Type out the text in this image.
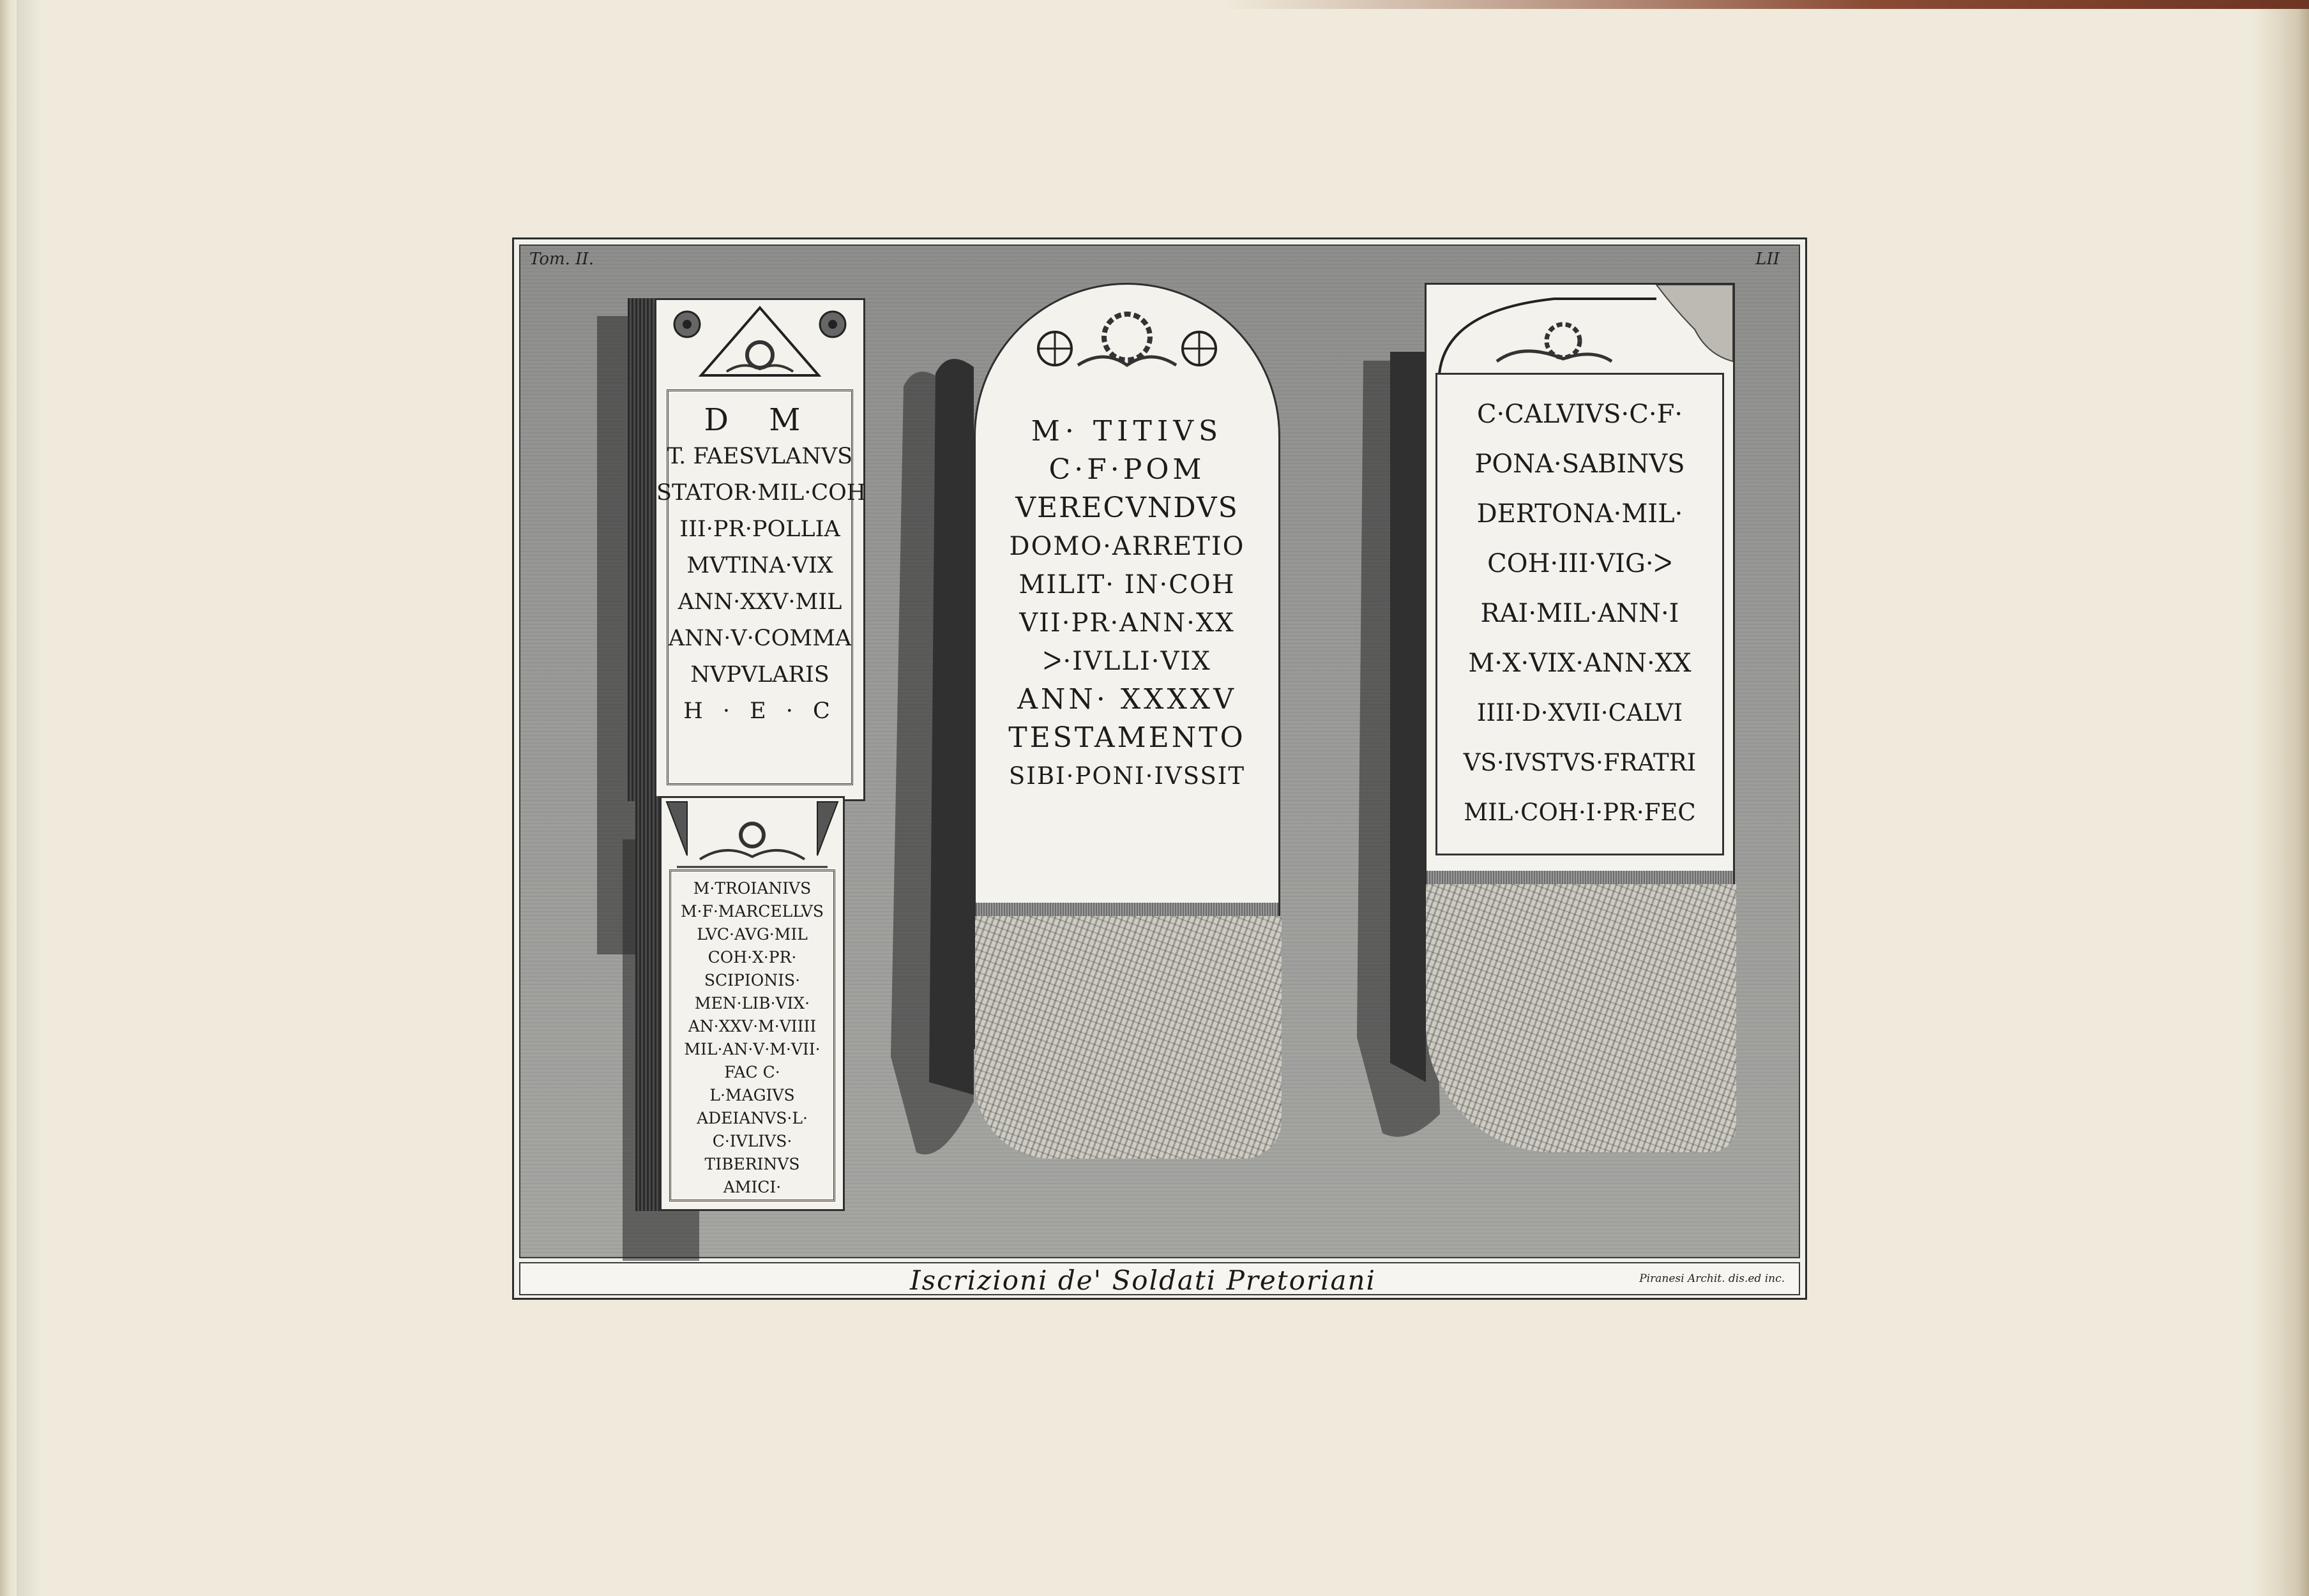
Tom. II.	LII
D M
T. FAESVLANVS
STATOR·MIL·COH
III·PR·POLLIA
MVTINA·VIX
ANN·XXV·MIL
ANN·V·COMMA
NVPVLARIS
H · E · C
M·TROIANIVS
M·F·MARCELLVS
LVC·AVG·MIL
COH·X·PR·
SCIPIONIS·
MEN·LIB·VIX·
AN·XXV·M·VIIII
MIL·AN·V·M·VII·
FAC C·
L·MAGIVS
ADEIANVS·L·
C·IVLIVS·
TIBERINVS
AMICI·
M· TITIVS
C·F·POM
VERECVNDVS
DOMO·ARRETIO
MILIT· IN·COH
VII·PR·ANN·XX
ᐳ·IVLLI·VIX
ANN· XXXXV
TESTAMENTO
SIBI·PONI·IVSSIT
C·CALVIVS·C·F·
PONA·SABINVS
DERTONA·MIL·
COH·III·VIG·ᐳ
RAI·MIL·ANN·I
M·X·VIX·ANN·XX
IIII·D·XVII·CALVI
VS·IVSTVS·FRATRI
MIL·COH·I·PR·FEC
Iscrizioni de' Soldati Pretoriani	Piranesi Archit. dis.ed inc.
